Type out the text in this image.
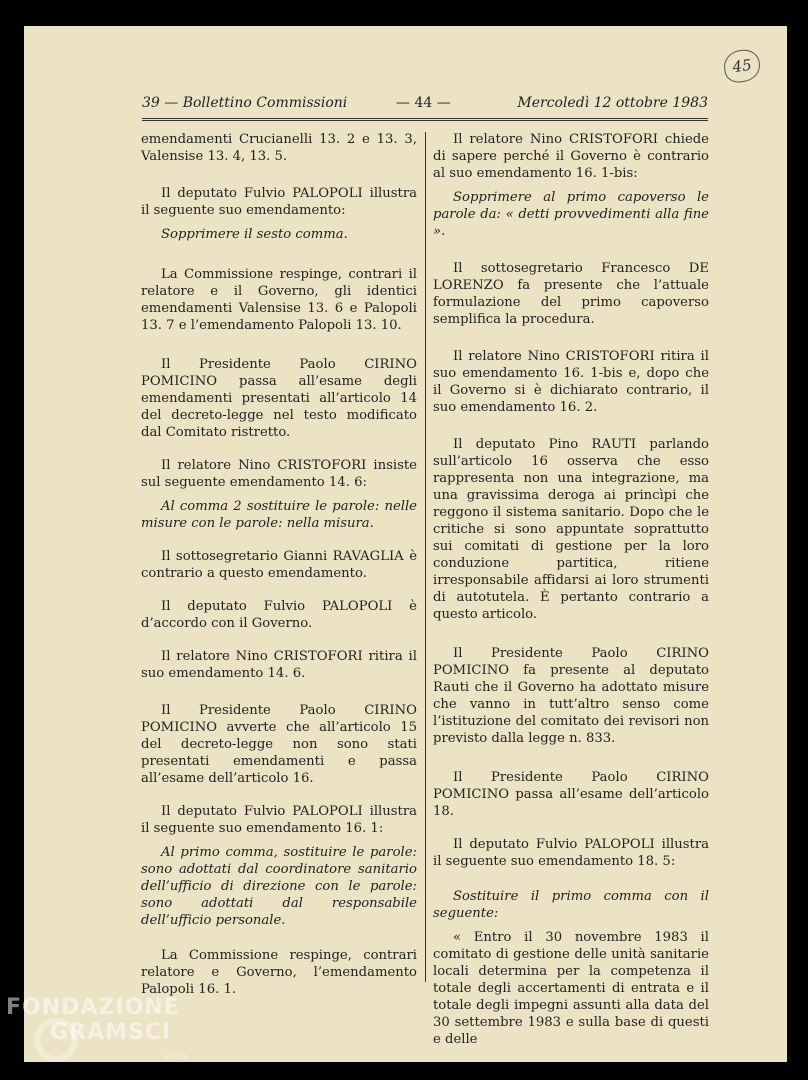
45
39 — Bollettino Commissioni	— 44 —	Mercoledì 12 ottobre 1983

emendamenti Crucianelli 13. 2 e 13. 3, Valensise 13. 4, 13. 5.

Il deputato Fulvio PALOPOLI illustra il seguente suo emendamento:

Sopprimere il sesto comma.

La Commissione respinge, contrari il relatore e il Governo, gli identici emendamenti Valensise 13. 6 e Palopoli 13. 7 e l’emendamento Palopoli 13. 10.

Il Presidente Paolo CIRINO POMICINO passa all’esame degli emendamenti presentati all’articolo 14 del decreto-legge nel testo modificato dal Comitato ristretto.

Il relatore Nino CRISTOFORI insiste sul seguente emendamento 14. 6:

Al comma 2 sostituire le parole: nelle misure con le parole: nella misura.

Il sottosegretario Gianni RAVAGLIA è contrario a questo emendamento.

Il deputato Fulvio PALOPOLI è d’accordo con il Governo.

Il relatore Nino CRISTOFORI ritira il suo emendamento 14. 6.

Il Presidente Paolo CIRINO POMICINO avverte che all’articolo 15 del decreto-legge non sono stati presentati emendamenti e passa all’esame dell’articolo 16.

Il deputato Fulvio PALOPOLI illustra il seguente suo emendamento 16. 1:

Al primo comma, sostituire le parole: sono adottati dal coordinatore sanitario dell’ufficio di direzione con le parole: sono adottati dal responsabile dell’ufficio personale.

La Commissione respinge, contrari relatore e Governo, l’emendamento Palopoli 16. 1.

Il relatore Nino CRISTOFORI chiede di sapere perché il Governo è contrario al suo emendamento 16. 1-bis:

Sopprimere al primo capoverso le parole da: « detti provvedimenti alla fine ».

Il sottosegretario Francesco DE LORENZO fa presente che l’attuale formulazione del primo capoverso semplifica la procedura.

Il relatore Nino CRISTOFORI ritira il suo emendamento 16. 1-bis e, dopo che il Governo si è dichiarato contrario, il suo emendamento 16. 2.

Il deputato Pino RAUTI parlando sull’articolo 16 osserva che esso rappresenta non una integrazione, ma una gravissima deroga ai princìpi che reggono il sistema sanitario. Dopo che le critiche si sono appuntate soprattutto sui comitati di gestione per la loro conduzione partitica, ritiene irresponsabile affidarsi ai loro strumenti di autotutela. È pertanto contrario a questo articolo.

Il Presidente Paolo CIRINO POMICINO fa presente al deputato Rauti che il Governo ha adottato misure che vanno in tutt’altro senso come l’istituzione del comitato dei revisori non previsto dalla legge n. 833.

Il Presidente Paolo CIRINO POMICINO passa all’esame dell’articolo 18.

Il deputato Fulvio PALOPOLI illustra il seguente suo emendamento 18. 5:

Sostituire il primo comma con il seguente:

« Entro il 30 novembre 1983 il comitato di gestione delle unità sanitarie locali determina per la competenza il totale degli accertamenti di entrata e il totale degli impegni assunti alla data del 30 settembre 1983 e sulla base di questi e delle

FONDAZIONE
GRAMSCI
onlus
